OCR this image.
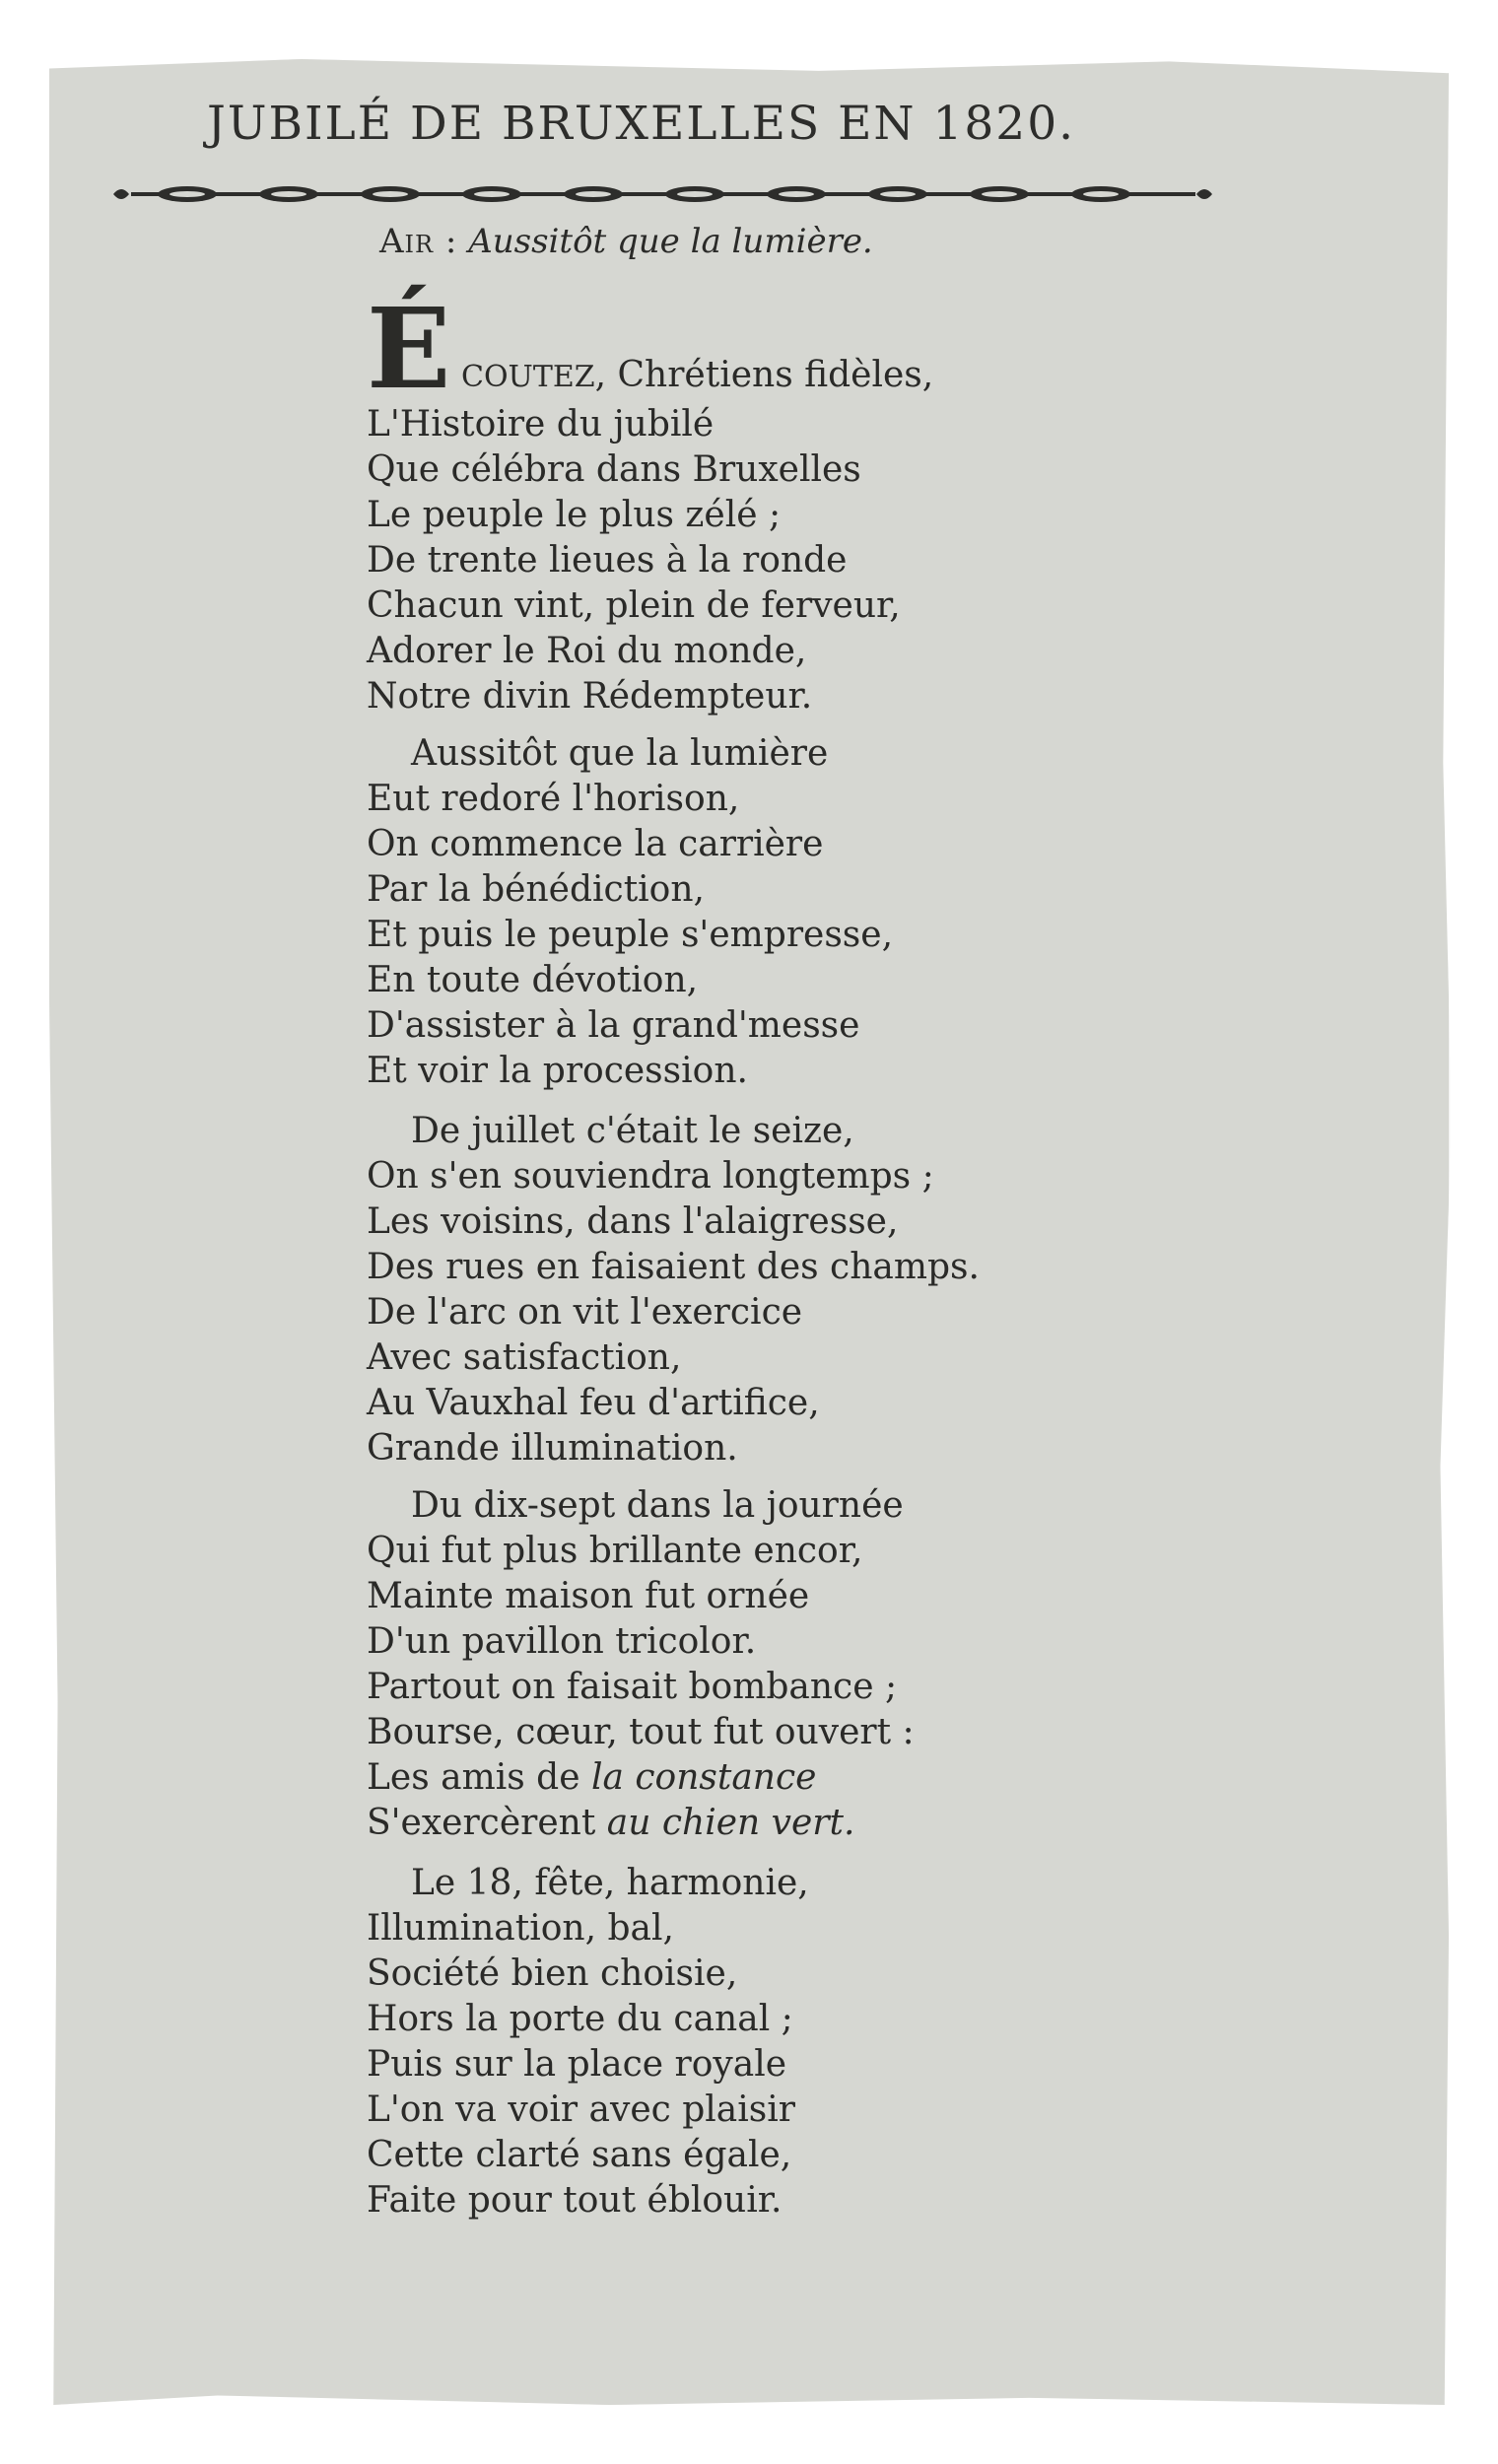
JUBILÉ DE BRUXELLES EN 1820.
Air : Aussitôt que la lumière.
É COUTEZ, Chrétiens fidèles,
L'Histoire du jubilé
Que célébra dans Bruxelles
Le peuple le plus zélé ;
De trente lieues à la ronde
Chacun vint, plein de ferveur,
Adorer le Roi du monde,
Notre divin Rédempteur.
Aussitôt que la lumière
Eut redoré l'horison,
On commence la carrière
Par la bénédiction,
Et puis le peuple s'empresse,
En toute dévotion,
D'assister à la grand'messe
Et voir la procession.
De juillet c'était le seize,
On s'en souviendra longtemps ;
Les voisins, dans l'alaigresse,
Des rues en faisaient des champs.
De l'arc on vit l'exercice
Avec satisfaction,
Au Vauxhal feu d'artifice,
Grande illumination.
Du dix-sept dans la journée
Qui fut plus brillante encor,
Mainte maison fut ornée
D'un pavillon tricolor.
Partout on faisait bombance ;
Bourse, cœur, tout fut ouvert :
Les amis de la constance
S'exercèrent au chien vert.
Le 18, fête, harmonie,
Illumination, bal,
Société bien choisie,
Hors la porte du canal ;
Puis sur la place royale
L'on va voir avec plaisir
Cette clarté sans égale,
Faite pour tout éblouir.
